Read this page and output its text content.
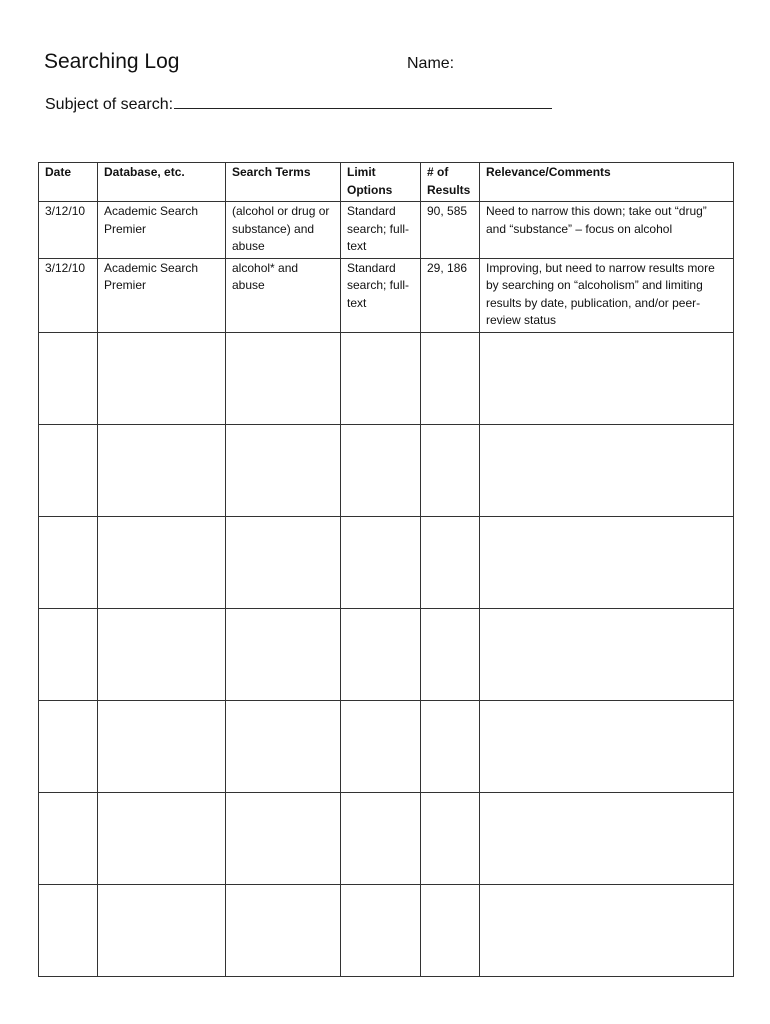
Searching Log	Name:
Subject of search:
Date	Database, etc.	Search Terms	Limit Options	# of Results	Relevance/Comments
3/12/10	Academic Search Premier	(alcohol or drug or substance) and abuse	Standard search; full-text	90, 585	Need to narrow this down; take out “drug” and “substance” – focus on alcohol
3/12/10	Academic Search Premier	alcohol* and abuse	Standard search; full-text	29, 186	Improving, but need to narrow results more by searching on “alcoholism” and limiting results by date, publication, and/or peer-review status
